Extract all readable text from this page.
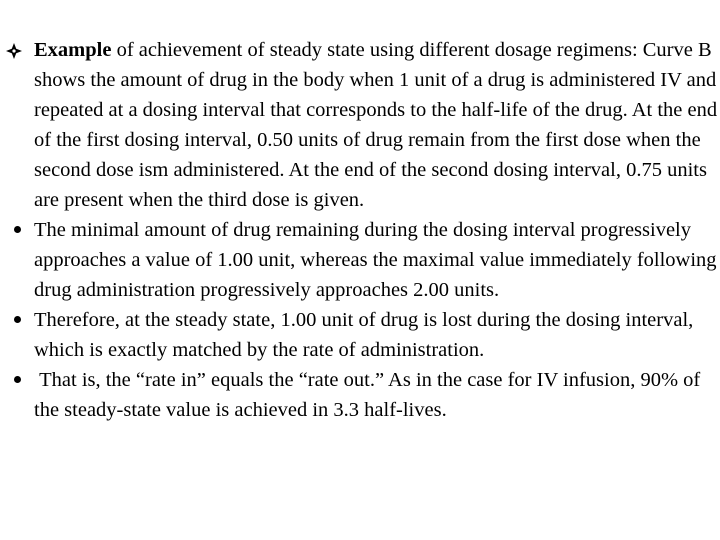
Example of achievement of steady state using different dosage regimens: Curve B shows the amount of drug in the body when 1 unit of a drug is administered IV and repeated at a dosing interval that corresponds to the half-life of the drug. At the end of the first dosing interval, 0.50 units of drug remain from the first dose when the second dose ism administered. At the end of the second dosing interval, 0.75 units are present when the third dose is given.
The minimal amount of drug remaining during the dosing interval progressively approaches a value of 1.00 unit, whereas the maximal value immediately following drug administration progressively approaches 2.00 units.
Therefore, at the steady state, 1.00 unit of drug is lost during the dosing interval, which is exactly matched by the rate of administration.
That is, the “rate in” equals the “rate out.” As in the case for IV infusion, 90% of the steady-state value is achieved in 3.3 half-lives.
